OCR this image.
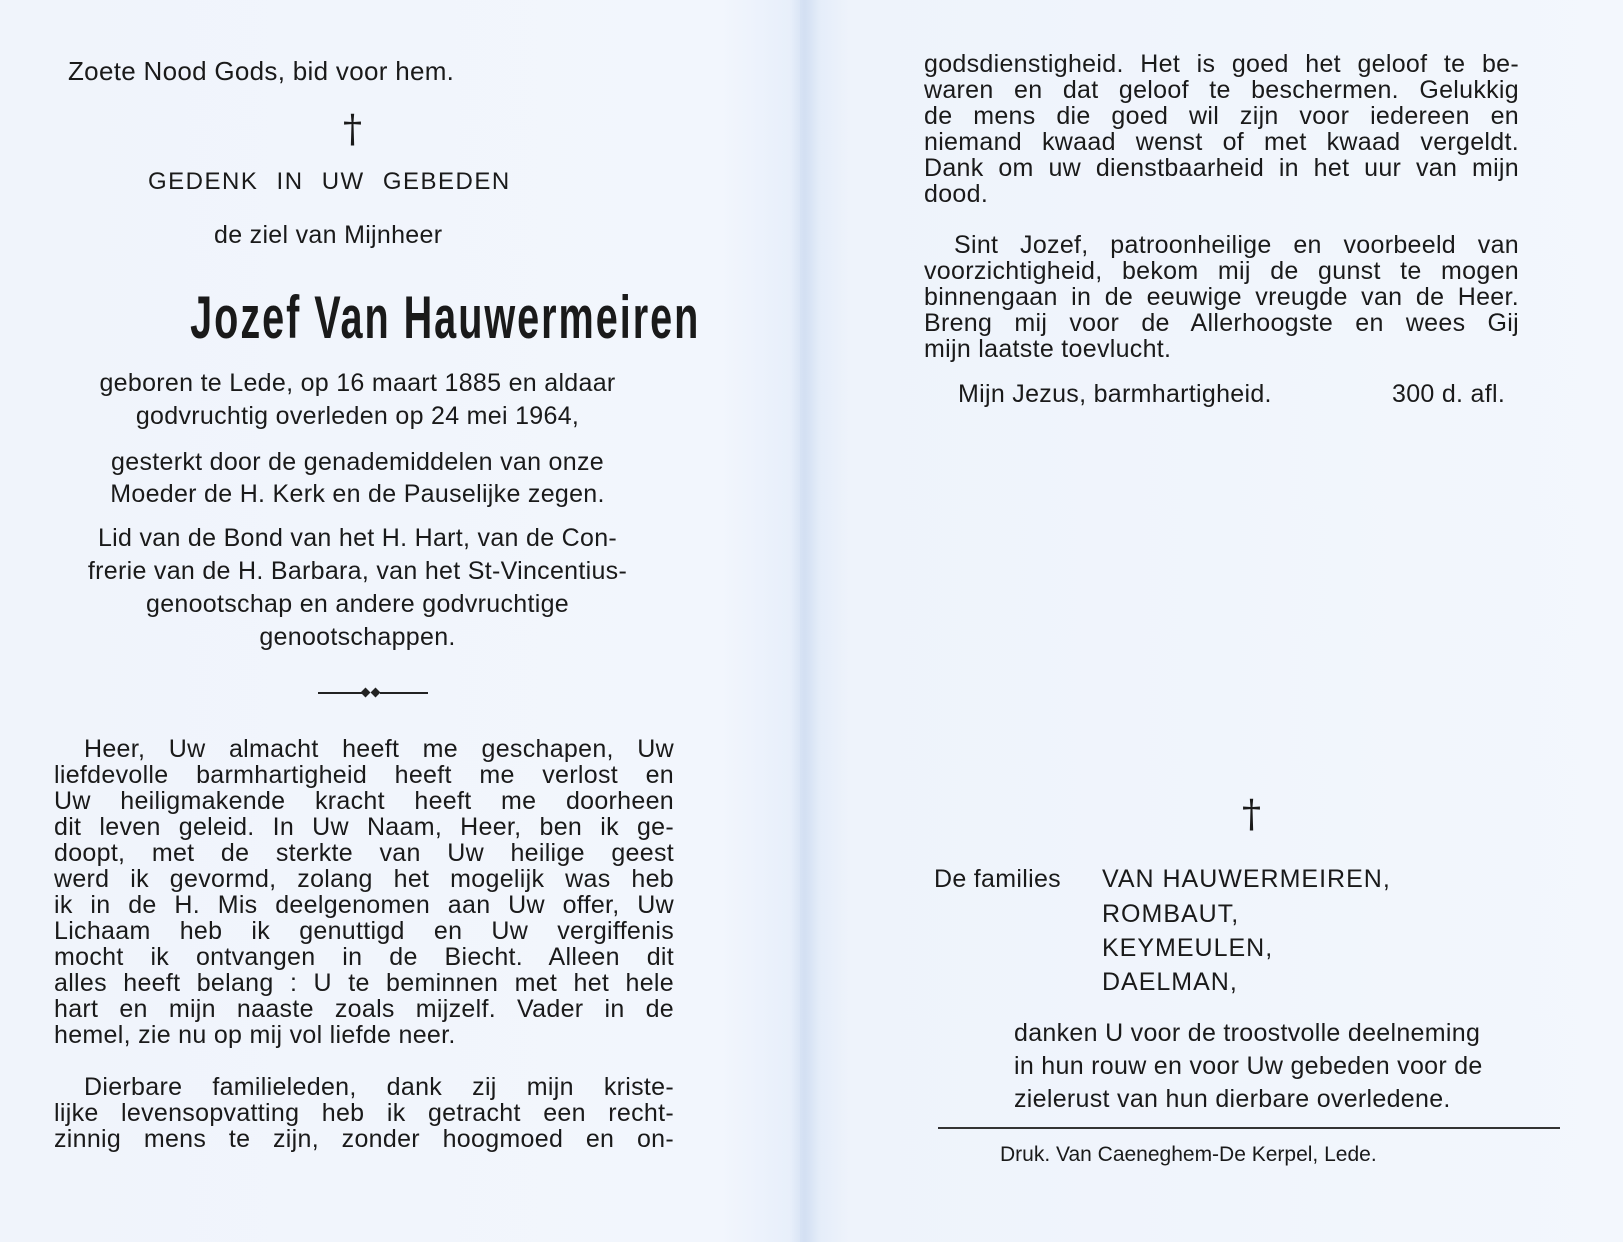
Zoete Nood Gods, bid voor hem.
†
GEDENK IN UW GEBEDEN
de ziel van Mijnheer
Jozef Van Hauwermeiren
geboren te Lede, op 16 maart 1885 en aldaar
godvruchtig overleden op 24 mei 1964,
gesterkt door de genademiddelen van onze
Moeder de H. Kerk en de Pauselijke zegen.
Lid van de Bond van het H. Hart, van de Con-
frerie van de H. Barbara, van het St-Vincentius-
genootschap en andere godvruchtige
genootschappen.
Heer, Uw almacht heeft me geschapen, Uw
liefdevolle barmhartigheid heeft me verlost en
Uw heiligmakende kracht heeft me doorheen
dit leven geleid. In Uw Naam, Heer, ben ik ge-
doopt, met de sterkte van Uw heilige geest
werd ik gevormd, zolang het mogelijk was heb
ik in de H. Mis deelgenomen aan Uw offer, Uw
Lichaam heb ik genuttigd en Uw vergiffenis
mocht ik ontvangen in de Biecht. Alleen dit
alles heeft belang : U te beminnen met het hele
hart en mijn naaste zoals mijzelf. Vader in de
hemel, zie nu op mij vol liefde neer.
Dierbare familieleden, dank zij mijn kriste-
lijke levensopvatting heb ik getracht een recht-
zinnig mens te zijn, zonder hoogmoed en on-
godsdienstigheid. Het is goed het geloof te be-
waren en dat geloof te beschermen. Gelukkig
de mens die goed wil zijn voor iedereen en
niemand kwaad wenst of met kwaad vergeldt.
Dank om uw dienstbaarheid in het uur van mijn
dood.
Sint Jozef, patroonheilige en voorbeeld van
voorzichtigheid, bekom mij de gunst te mogen
binnengaan in de eeuwige vreugde van de Heer.
Breng mij voor de Allerhoogste en wees Gij
mijn laatste toevlucht.
Mijn Jezus, barmhartigheid.	300 d. afl.
†
De families VAN HAUWERMEIREN,
ROMBAUT,
KEYMEULEN,
DAELMAN,
danken U voor de troostvolle deelneming
in hun rouw en voor Uw gebeden voor de
zielerust van hun dierbare overledene.
Druk. Van Caeneghem-De Kerpel, Lede.
